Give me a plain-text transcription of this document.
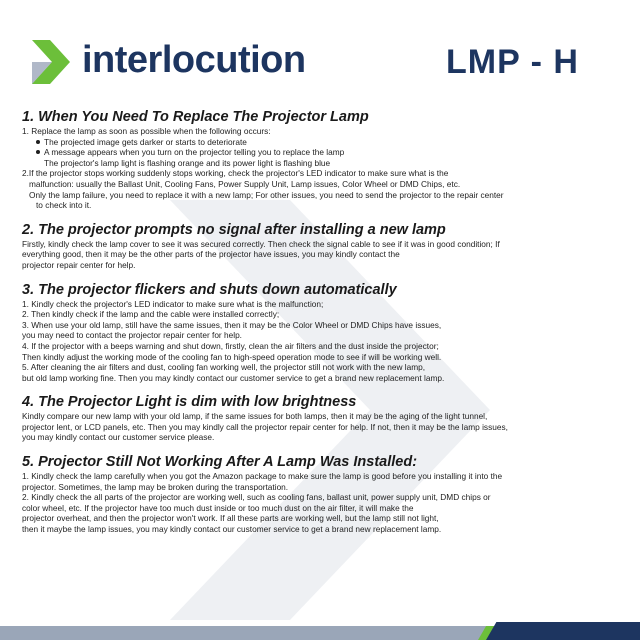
interlocution	LMP - H
1. When You Need To Replace The Projector Lamp
1. Replace the lamp as soon as possible when the following occurs:
The projected image gets darker or starts to deteriorate
A message appears when you turn on the projector telling you to replace the lamp
The projector's lamp light is flashing orange and its power light is flashing blue
2.If the projector stops working suddenly stops working, check the projector's LED indicator to make sure what is the
malfunction: usually the Ballast Unit, Cooling Fans, Power Supply Unit, Lamp issues, Color Wheel or DMD Chips, etc.
Only the lamp failure, you need to replace it with a new lamp; For other issues, you need to send the projector to the repair center
to check into it.
2. The projector prompts no signal after installing a new lamp
Firstly, kindly check the lamp cover to see it was secured correctly. Then check the signal cable to see if it was in good condition; If
everything good, then it may be the other parts of the projector have issues, you may kindly contact the
projector repair center for help.
3. The projector flickers and shuts down automatically
1. Kindly check the projector's LED indicator to make sure what is the malfunction;
2. Then kindly check if the lamp and the cable were installed correctly;
3. When use your old lamp, still have the same issues, then it may be the Color Wheel or DMD Chips have issues,
you may need to contact the projector repair center for help.
4. If the projector with a beeps warning and shut down, firstly, clean the air filters and the dust inside the projector;
Then kindly adjust the working mode of the cooling fan to high-speed operation mode to see if will be working well.
5. After cleaning the air filters and dust, cooling fan working well, the projector still not work with the new lamp,
but old lamp working fine. Then you may kindly contact our customer service to get a brand new replacement lamp.
4. The Projector Light is dim with low brightness
Kindly compare our new lamp with your old lamp, if the same issues for both lamps, then it may be the aging of the light tunnel,
projector lent, or LCD panels, etc. Then you may kindly call the projector repair center for help. If not, then it may be the lamp issues,
you may kindly contact our customer service please.
5. Projector Still Not Working After A Lamp Was Installed:
1. Kindly check the lamp carefully when you got the Amazon package to make sure the lamp is good before you installing it into the
projector. Sometimes, the lamp may be broken during the transportation.
2. Kindly check the all parts of the projector are working well, such as cooling fans, ballast unit, power supply unit, DMD chips or
color wheel, etc. If the projector have too much dust inside or too much dust on the air filter, it will make the
projector overheat, and then the projector won't work. If all these parts are working well, but the lamp still not light,
then it maybe the lamp issues, you may kindly contact our customer service to get a brand new replacement lamp.
